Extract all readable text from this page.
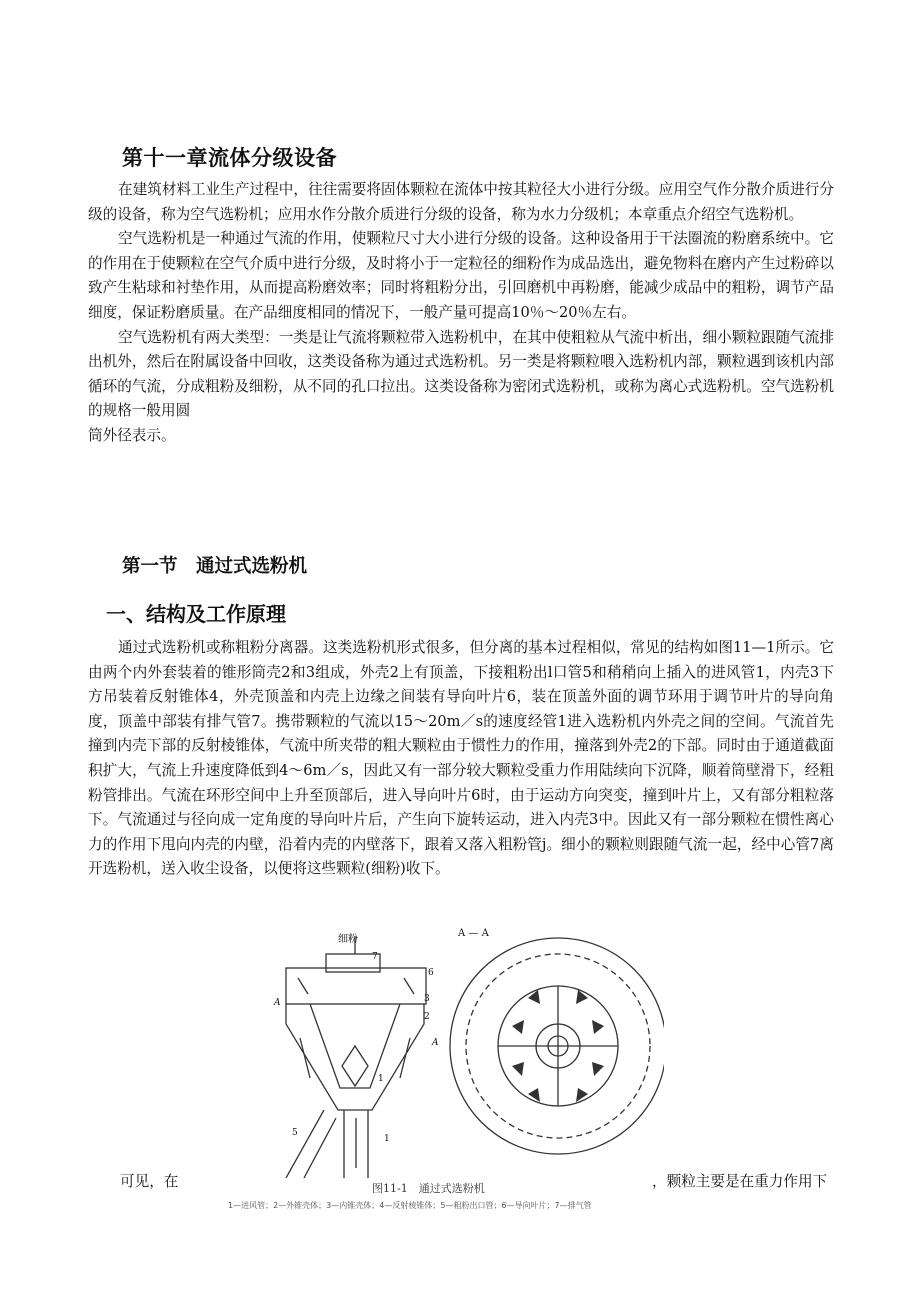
第十一章流体分级设备

在建筑材料工业生产过程中，往往需要将固体颗粒在流体中按其粒径大小进行分级。应用空气作分散介质进行分级的设备，称为空气选粉机；应用水作分散介质进行分级的设备，称为水力分级机；本章重点介绍空气选粉机。

空气选粉机是一种通过气流的作用，使颗粒尺寸大小进行分级的设备。这种设备用于干法圈流的粉磨系统中。它的作用在于使颗粒在空气介质中进行分级，及时将小于一定粒径的细粉作为成品选出，避免物料在磨内产生过粉碎以致产生粘球和衬垫作用，从而提高粉磨效率；同时将粗粉分出，引回磨机中再粉磨，能减少成品中的粗粉，调节产品细度，保证粉磨质量。在产品细度相同的情况下，一般产量可提高10％～20％左右。

空气选粉机有两大类型：一类是让气流将颗粒带入选粉机中，在其中使粗粒从气流中析出，细小颗粒跟随气流排出机外，然后在附属设备中回收，这类设备称为通过式选粉机。另一类是将颗粒喂入选粉机内部，颗粒遇到该机内部循环的气流，分成粗粉及细粉，从不同的孔口拉出。这类设备称为密闭式选粉机，或称为离心式选粉机。空气选粉机的规格一般用圆

筒外径表示。

第一节　通过式选粉机
一、结构及工作原理

通过式选粉机或称粗粉分离器。这类选粉机形式很多，但分离的基本过程相似，常见的结构如图11—1所示。它由两个内外套装着的锥形筒壳2和3组成，外壳2上有顶盖，下接粗粉出l口管5和稍稍向上插入的进风管1，内壳3下方吊装着反射锥体4，外壳顶盖和内壳上边缘之间装有导向叶片6，装在顶盖外面的调节环用于调节叶片的导向角度，顶盖中部装有排气管7。携带颗粒的气流以15～20m／s的速度经管1进入选粉机内外壳之间的空间。气流首先撞到内壳下部的反射棱锥体，气流中所夹带的粗大颗粒由于惯性力的作用，撞落到外壳2的下部。同时由于通道截面积扩大，气流上升速度降低到4～6m／s，因此又有一部分较大颗粒受重力作用陆续向下沉降，顺着筒壁滑下，经粗粉管排出。气流在环形空间中上升至顶部后，进入导向叶片6时，由于运动方向突变，撞到叶片上，又有部分粗粒落下。气流通过与径向成一定角度的导向叶片后，产生向下旋转运动，进入内壳3中。因此又有一部分颗粒在惯性离心力的作用下甩向内壳的内壁，沿着内壳的内壁落下，跟着又落入粗粉管j。细小的颗粒则跟随气流一起，经中心管7离开选粉机，送入收尘设备，以便将这些颗粒(细粉)收下。

细粉
A — A
7
6
3
2
1
5
1
A
A
图11-1　通过式选粉机
1—进风管；2—外锥壳体；3—内锥壳体；4—反射棱锥体；5—粗粉出口管；6—导向叶片；7—排气管
可见，在	，颗粒主要是在重力作用下
